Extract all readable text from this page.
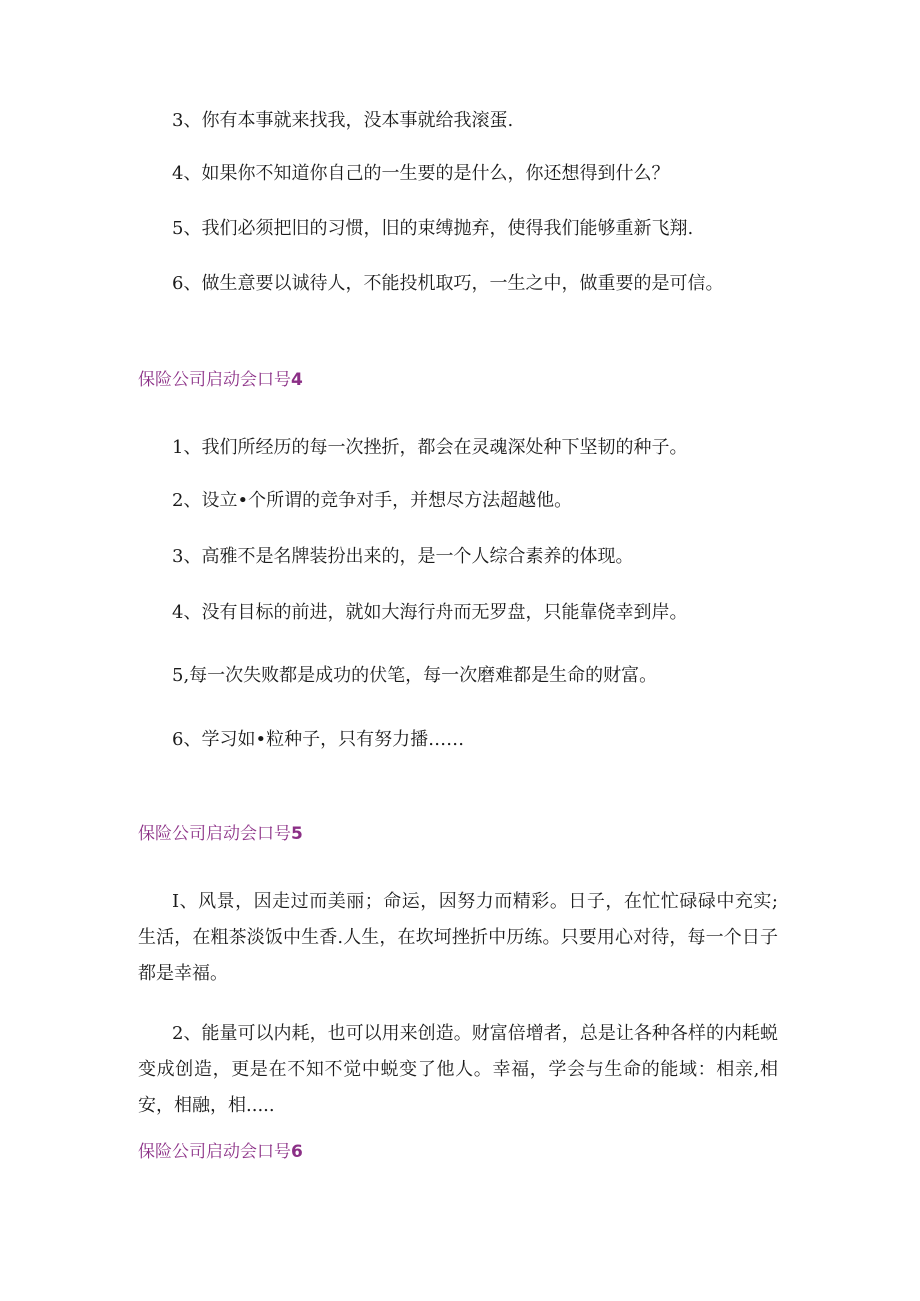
3、你有本事就来找我，没本事就给我滚蛋.
4、如果你不知道你自己的一生要的是什么，你还想得到什么？
5、我们必须把旧的习惯，旧的束缚抛弃，使得我们能够重新飞翔.
6、做生意要以诚待人，不能投机取巧，一生之中，做重要的是可信。
保险公司启动会口号4
1、我们所经历的每一次挫折，都会在灵魂深处种下坚韧的种子。
2、设立•个所谓的竞争对手，并想尽方法超越他。
3、高雅不是名牌装扮出来的，是一个人综合素养的体现。
4、没有目标的前进，就如大海行舟而无罗盘，只能靠侥幸到岸。
5,每一次失败都是成功的伏笔，每一次磨难都是生命的财富。
6、学习如•粒种子，只有努力播……
保险公司启动会口号5
I、风景，因走过而美丽；命运，因努力而精彩。日子，在忙忙碌碌中充实;生活，在粗茶淡饭中生香.人生，在坎坷挫折中历练。只要用心对待，每一个日子都是幸福。
2、能量可以内耗，也可以用来创造。财富倍增者，总是让各种各样的内耗蜕变成创造，更是在不知不觉中蜕变了他人。幸福，学会与生命的能域：相亲,相安，相融，相.....
保险公司启动会口号6
